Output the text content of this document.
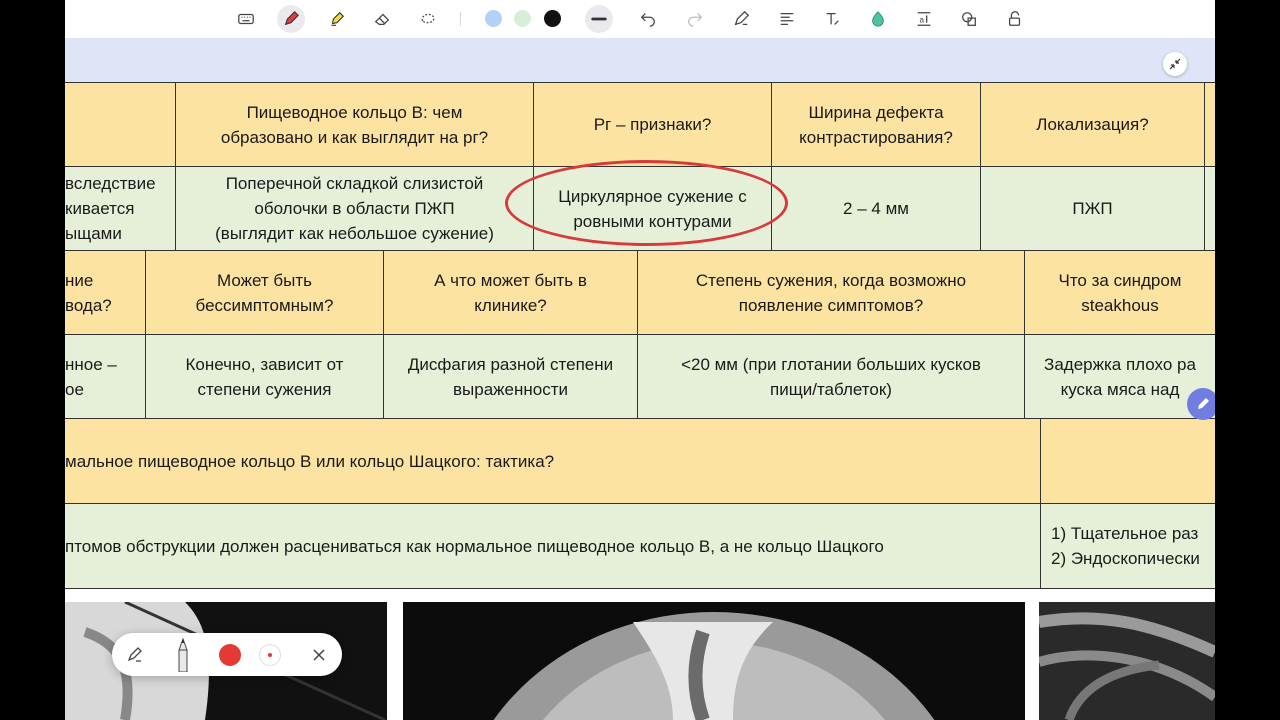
a
Пищеводное кольцо В: чем
образовано и как выглядит на рг?
Рг – признаки?
Ширина дефекта
контрастирования?
Локализация?
вследствие
кивается
ыщами
Поперечной складкой слизистой
оболочки в области ПЖП
(выглядит как небольшое сужение)
Циркулярное сужение с
ровными контурами
2 – 4 мм	ПЖП
ние
вода?
Может быть
бессимптомным?
А что может быть в
клинике?
Степень сужения, когда возможно
появление симптомов?
Что за синдром
steakhous
нное –
ое
Конечно, зависит от
степени сужения
Дисфагия разной степени
выраженности
<20 мм (при глотании больших кусков
пищи/таблеток)
Задержка плохо ра
куска мяса над
мальное пищеводное кольцо В или кольцо Шацкого: тактика?
птомов обструкции должен расцениваться как нормальное пищеводное кольцо В, а не кольцо Шацкого
1) Тщательное раз
2) Эндоскопически
